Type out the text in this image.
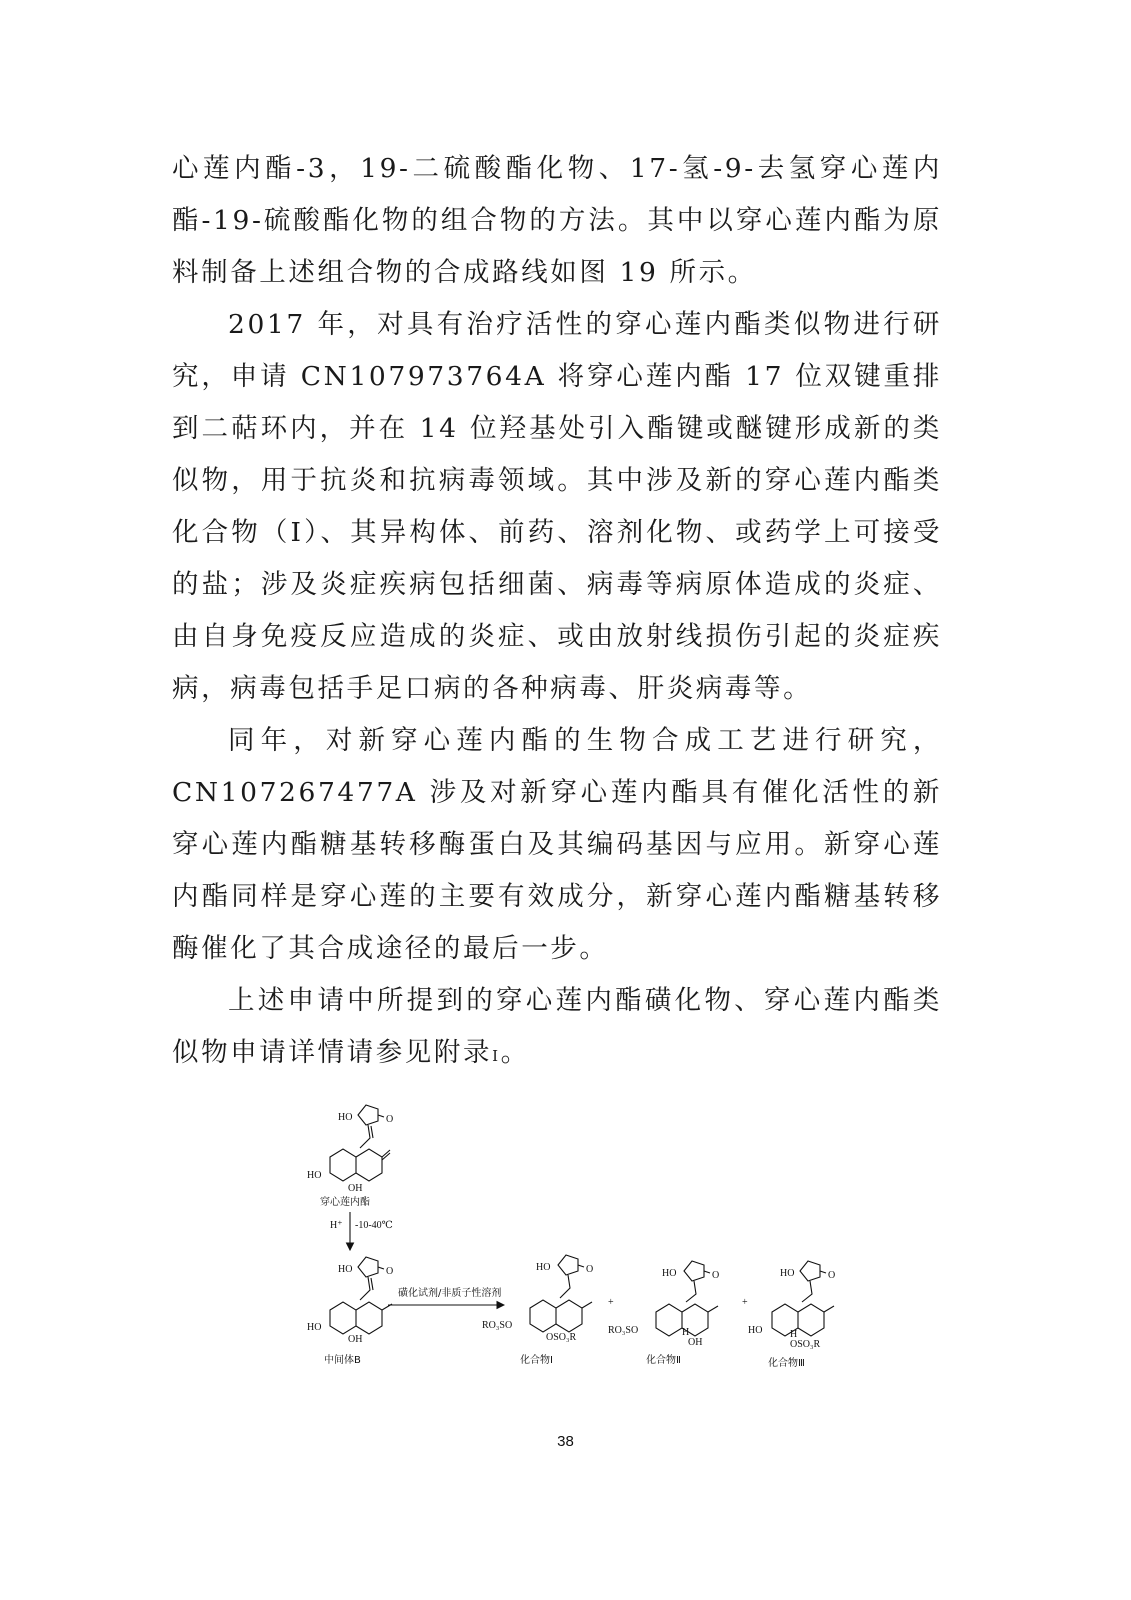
心莲内酯-3，19-二硫酸酯化物、17-氢-9-去氢穿心莲内酯-19-硫酸酯化物的组合物的方法。其中以穿心莲内酯为原料制备上述组合物的合成路线如图 19 所示。

2017 年，对具有治疗活性的穿心莲内酯类似物进行研究，申请 CN107973764A 将穿心莲内酯 17 位双键重排到二萜环内，并在 14 位羟基处引入酯键或醚键形成新的类似物，用于抗炎和抗病毒领域。其中涉及新的穿心莲内酯类化合物（Ⅰ）、其异构体、前药、溶剂化物、或药学上可接受的盐；涉及炎症疾病包括细菌、病毒等病原体造成的炎症、由自身免疫反应造成的炎症、或由放射线损伤引起的炎症疾病，病毒包括手足口病的各种病毒、肝炎病毒等。

同年，对新穿心莲内酯的生物合成工艺进行研究，CN107267477A 涉及对新穿心莲内酯具有催化活性的新穿心莲内酯糖基转移酶蛋白及其编码基因与应用。新穿心莲内酯同样是穿心莲的主要有效成分，新穿心莲内酯糖基转移酶催化了其合成途径的最后一步。

上述申请中所提到的穿心莲内酯磺化物、穿心莲内酯类似物申请详情请参见附录I。

HO	O
HO
OH
穿心莲内酯
H⁺ -10-40℃
HO	O
HO
OH
中间体B
磺化试剂/非质子性溶剂
HO	O
RO₃SO
OSO₃R
化合物Ⅰ
+
HO	O
RO₃SO	H
OH
化合物Ⅱ
+
HO	O
HO	H
OSO₃R
化合物Ⅲ
38
